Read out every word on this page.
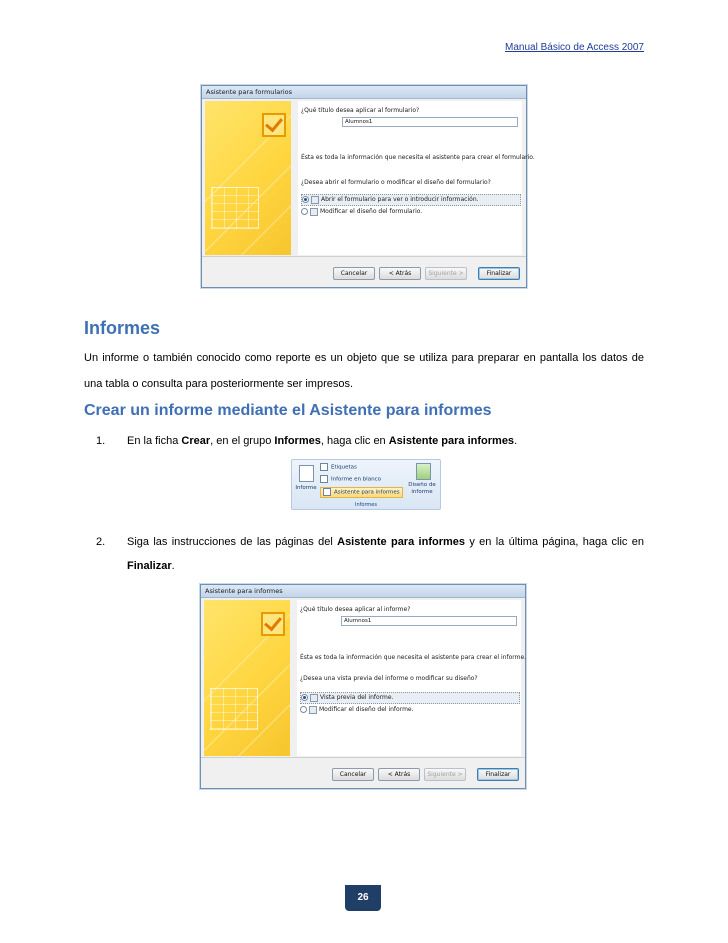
Manual Básico de Access 2007
Asistente para formularios
¿Qué título desea aplicar al formulario?
Alumnos1
Ésta es toda la información que necesita el asistente para crear el formulario.
¿Desea abrir el formulario o modificar el diseño del formulario?
Abrir el formulario para ver o introducir información.
Modificar el diseño del formulario.
Cancelar	< Atrás	Siguiente >	Finalizar
Informes

Un informe o también conocido como reporte es un objeto que se utiliza para preparar en pantalla los datos de una tabla o consulta para posteriormente ser impresos.

Crear un informe mediante el Asistente para informes
1. En la ficha Crear, en el grupo Informes, haga clic en Asistente para informes.
Informe
Etiquetas
Informe en blanco
Asistente para informes
Diseño de
informe
Informes
2. Siga las instrucciones de las páginas del Asistente para informes y en la última página, haga clic en Finalizar.
Asistente para informes
¿Qué título desea aplicar al informe?
Alumnos1
Ésta es toda la información que necesita el asistente para crear el informe.
¿Desea una vista previa del informe o modificar su diseño?
Vista previa del informe.
Modificar el diseño del informe.
Cancelar	< Atrás	Siguiente >	Finalizar
26
